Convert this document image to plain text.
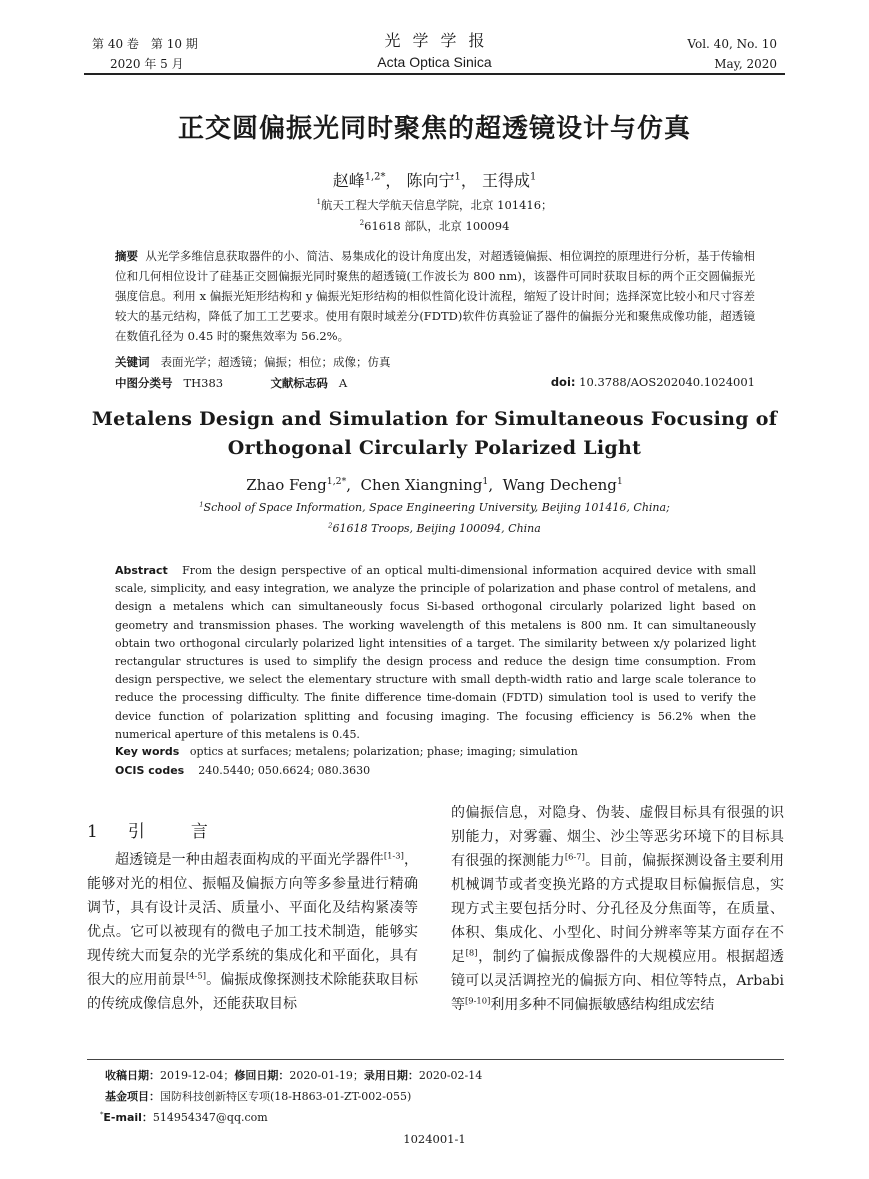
第 40 卷　第 10 期
2020 年 5 月
光学学报
Acta Optica Sinica
Vol. 40, No. 10
May, 2020
正交圆偏振光同时聚焦的超透镜设计与仿真
赵峰$^{1,2*}$， 陈向宁$^1$， 王得成$^1$
$^1$航天工程大学航天信息学院，北京 101416；
$^2$61618 部队，北京 100094
摘要 从光学多维信息获取器件的小、简洁、易集成化的设计角度出发，对超透镜偏振、相位调控的原理进行分析，基于传输相位和几何相位设计了硅基正交圆偏振光同时聚焦的超透镜(工作波长为 800 nm)，该器件可同时获取目标的两个正交圆偏振光强度信息。利用 x 偏振光矩形结构和 y 偏振光矩形结构的相似性简化设计流程，缩短了设计时间；选择深宽比较小和尺寸容差较大的基元结构，降低了加工工艺要求。使用有限时域差分(FDTD)软件仿真验证了器件的偏振分光和聚焦成像功能，超透镜在数值孔径为 0.45 时的聚焦效率为 56.2%。
关键词 表面光学；超透镜；偏振；相位；成像；仿真
中图分类号 TH383	文献标志码 A	doi: 10.3788/AOS202040.1024001
Metalens Design and Simulation for Simultaneous Focusing of
Orthogonal Circularly Polarized Light
Zhao Feng$^{1,2*}$,  Chen Xiangning$^1$,  Wang Decheng$^1$
$^1$School of Space Information, Space Engineering University, Beijing 101416, China;
$^2$61618 Troops, Beijing 100094, China
Abstract From the design perspective of an optical multi-dimensional information acquired device with small scale, simplicity, and easy integration, we analyze the principle of polarization and phase control of metalens, and design a metalens which can simultaneously focus Si-based orthogonal circularly polarized light based on geometry and transmission phases. The working wavelength of this metalens is 800 nm. It can simultaneously obtain two orthogonal circularly polarized light intensities of a target. The similarity between x/y polarized light rectangular structures is used to simplify the design process and reduce the design time consumption. From design perspective, we select the elementary structure with small depth-width ratio and large scale tolerance to reduce the processing difficulty. The finite difference time-domain (FDTD) simulation tool is used to verify the device function of polarization splitting and focusing imaging. The focusing efficiency is 56.2% when the numerical aperture of this metalens is 0.45.
Key words optics at surfaces; metalens; polarization; phase; imaging; simulation
OCIS codes 240.5440; 050.6624; 080.3630
1 引	言
超透镜是一种由超表面构成的平面光学器件[1-3]，能够对光的相位、振幅及偏振方向等多参量进行精确调节，具有设计灵活、质量小、平面化及结构紧凑等优点。它可以被现有的微电子加工技术制造，能够实现传统大而复杂的光学系统的集成化和平面化，具有很大的应用前景[4-5]。偏振成像探测技术除能获取目标的传统成像信息外，还能获取目标
的偏振信息，对隐身、伪装、虚假目标具有很强的识别能力，对雾霾、烟尘、沙尘等恶劣环境下的目标具有很强的探测能力[6-7]。目前，偏振探测设备主要利用机械调节或者变换光路的方式提取目标偏振信息，实现方式主要包括分时、分孔径及分焦面等，在质量、体积、集成化、小型化、时间分辨率等某方面存在不足[8]，制约了偏振成像器件的大规模应用。根据超透镜可以灵活调控光的偏振方向、相位等特点，Arbabi 等[9-10]利用多种不同偏振敏感结构组成宏结
收稿日期：2019-12-04；修回日期：2020-01-19；录用日期：2020-02-14
基金项目：国防科技创新特区专项(18-H863-01-ZT-002-055)
*E-mail：514954347@qq.com
1024001-1
